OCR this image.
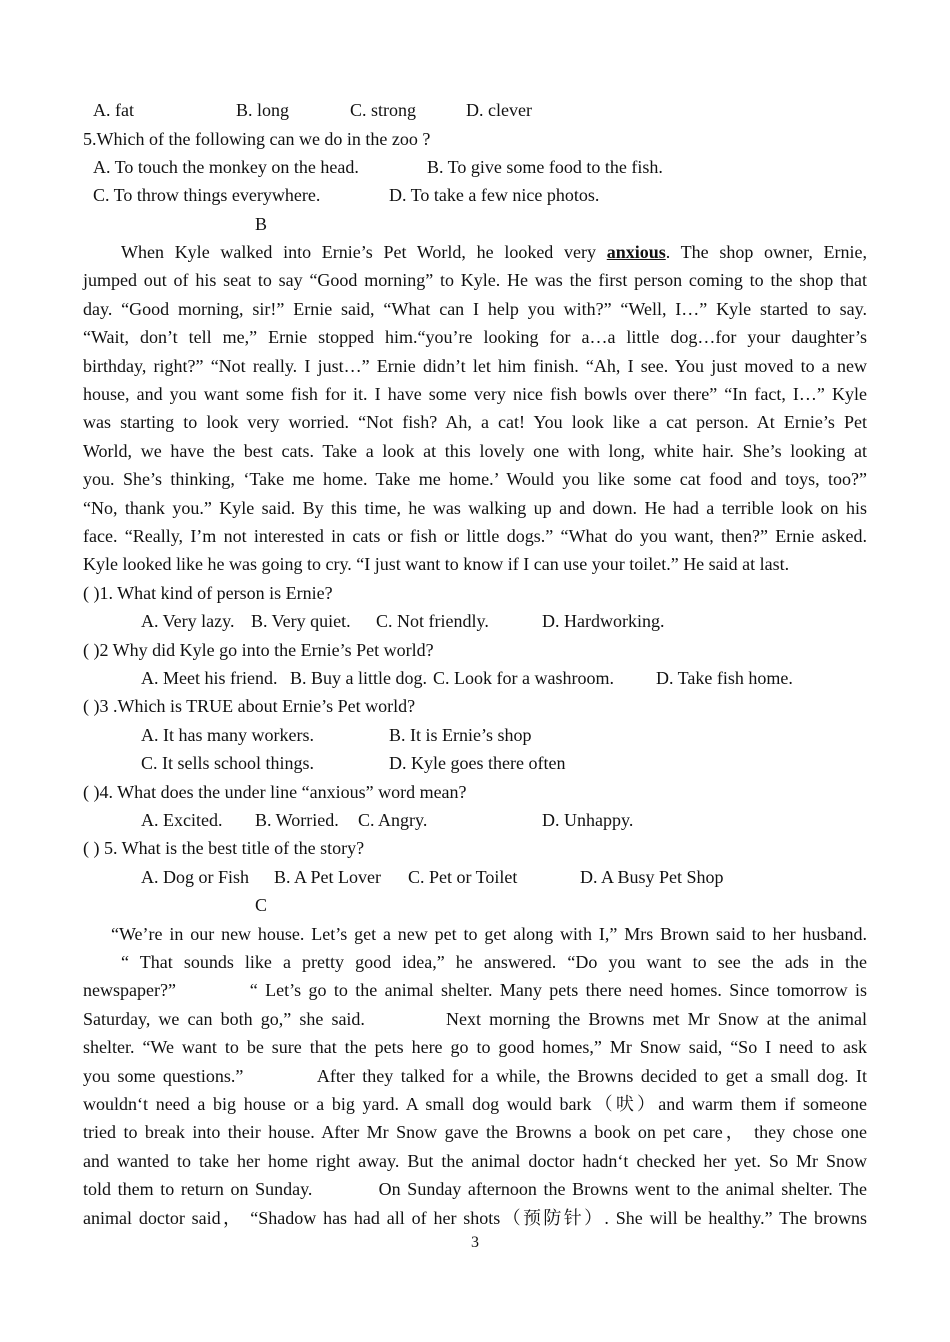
A. fat	B. long	C. strong	D. clever
5.Which of the following can we do in the zoo ?
A. To touch the monkey on the head.	B. To give some food to the fish.
C. To throw things everywhere.	D. To take a few nice photos.
B
When Kyle walked into Ernie’s Pet World, he looked very anxious. The shop owner, Ernie,
jumped out of his seat to say “Good morning” to Kyle. He was the first person coming to the shop that
day. “Good morning, sir!” Ernie said, “What can I help you with?” “Well, I…” Kyle started to say.
“Wait, don’t tell me,” Ernie stopped him.“you’re looking for a…a little dog…for your daughter’s
birthday, right?” “Not really. I just…” Ernie didn’t let him finish. “Ah, I see. You just moved to a new
house, and you want some fish for it. I have some very nice fish bowls over there” “In fact, I…” Kyle
was starting to look very worried. “Not fish? Ah, a cat! You look like a cat person. At Ernie’s Pet
World, we have the best cats. Take a look at this lovely one with long, white hair. She’s looking at
you. She’s thinking, ‘Take me home. Take me home.’ Would you like some cat food and toys, too?”
“No, thank you.” Kyle said. By this time, he was walking up and down. He had a terrible look on his
face. “Really, I’m not interested in cats or fish or little dogs.” “What do you want, then?” Ernie asked.
Kyle looked like he was going to cry. “I just want to know if I can use your toilet.” He said at last.
( )1. What kind of person is Ernie?
A. Very lazy. B. Very quiet. C. Not friendly.	D. Hardworking.
( )2 Why did Kyle go into the Ernie’s Pet world?
A. Meet his friend. B. Buy a little dog. C. Look for a washroom. D. Take fish home.
( )3 .Which is TRUE about Ernie’s Pet world?
A. It has many workers.	B. It is Ernie’s shop
C. It sells school things.	D. Kyle goes there often
( )4. What does the under line “anxious” word mean?
A. Excited. B. Worried. C. Angry.	D. Unhappy.
( ) 5. What is the best title of the story?
A. Dog or Fish B. A Pet Lover C. Pet or Toilet	D. A Busy Pet Shop
C
“We’re in our new house. Let’s get a new pet to get along with I,” Mrs Brown said to her husband.
“ That sounds like a pretty good idea,” he answered. “Do you want to see the ads in the
newspaper?”          “ Let’s go to the animal shelter. Many pets there need homes. Since tomorrow is
Saturday, we can both go,” she said.          Next morning the Browns met Mr Snow at the animal
shelter. “We want to be sure that the pets here go to good homes,” Mr Snow said, “So I need to ask
you some questions.”          After they talked for a while, the Browns decided to get a small dog. It
wouldn‘t need a big house or a big yard. A small dog would bark（吠）and warm them if someone
tried to break into their house. After Mr Snow gave the Browns a book on pet care， they chose one
and wanted to take her home right away. But the animal doctor hadn‘t checked her yet. So Mr Snow
told them to return on Sunday.          On Sunday afternoon the Browns went to the animal shelter. The
animal doctor said， “Shadow has had all of her shots（预防针）. She will be healthy.” The browns
3
